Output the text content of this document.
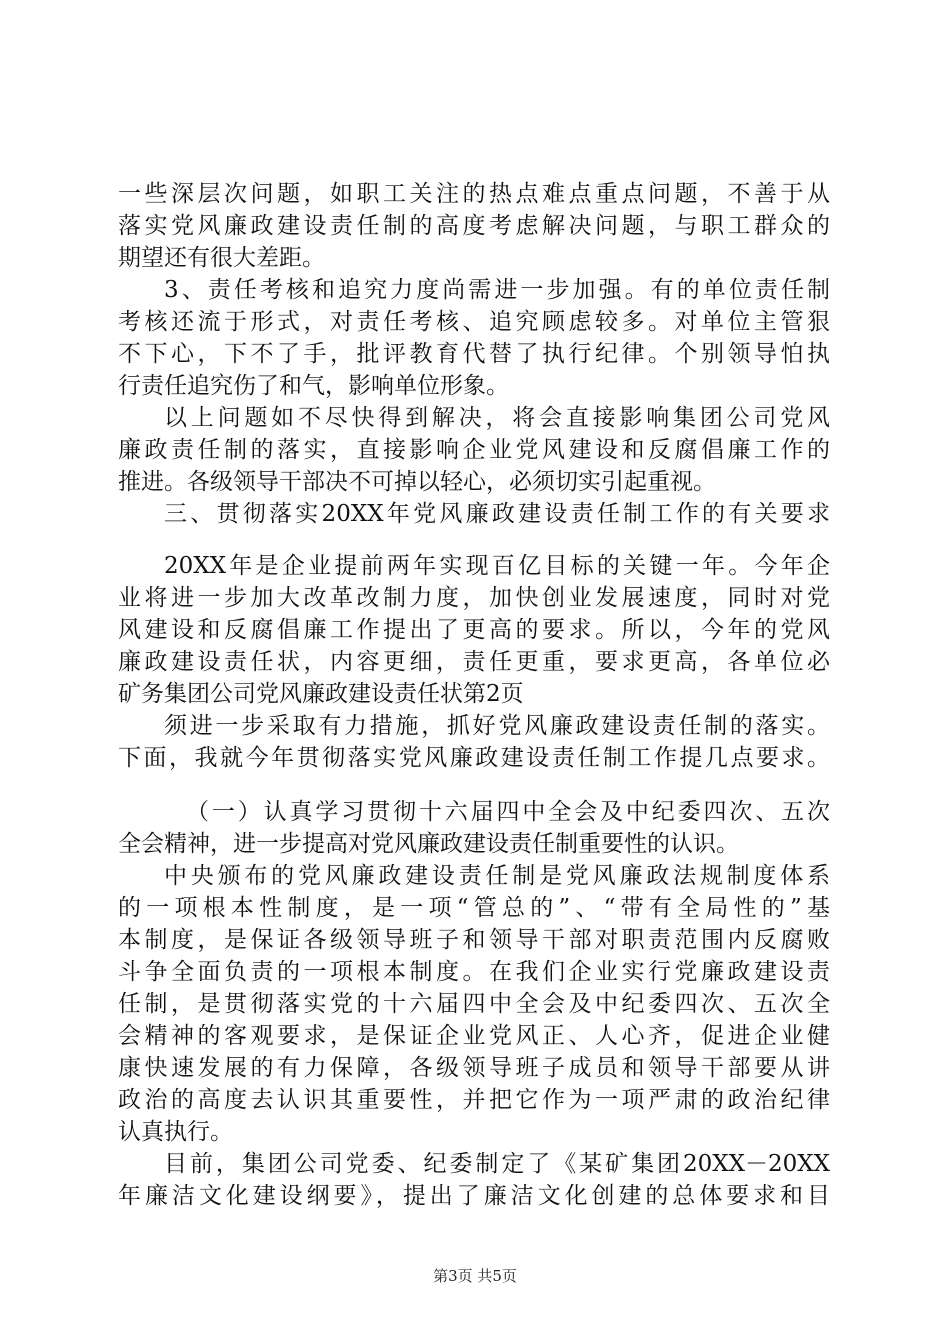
一些深层次问题，如职工关注的热点难点重点问题，不善于从
落实党风廉政建设责任制的高度考虑解决问题，与职工群众的
期望还有很大差距。
3、责任考核和追究力度尚需进一步加强。有的单位责任制
考核还流于形式，对责任考核、追究顾虑较多。对单位主管狠
不下心，下不了手，批评教育代替了执行纪律。个别领导怕执
行责任追究伤了和气，影响单位形象。
以上问题如不尽快得到解决，将会直接影响集团公司党风
廉政责任制的落实，直接影响企业党风建设和反腐倡廉工作的
推进。各级领导干部决不可掉以轻心，必须切实引起重视。
三、贯彻落实20XX年党风廉政建设责任制工作的有关要求
20XX年是企业提前两年实现百亿目标的关键一年。今年企
业将进一步加大改革改制力度，加快创业发展速度，同时对党
风建设和反腐倡廉工作提出了更高的要求。所以，今年的党风
廉政建设责任状，内容更细，责任更重，要求更高，各单位必
矿务集团公司党风廉政建设责任状第2页
须进一步采取有力措施，抓好党风廉政建设责任制的落实。
下面，我就今年贯彻落实党风廉政建设责任制工作提几点要求。
（一）认真学习贯彻十六届四中全会及中纪委四次、五次
全会精神，进一步提高对党风廉政建设责任制重要性的认识。
中央颁布的党风廉政建设责任制是党风廉政法规制度体系
的一项根本性制度，是一项“管总的”、“带有全局性的”基
本制度，是保证各级领导班子和领导干部对职责范围内反腐败
斗争全面负责的一项根本制度。在我们企业实行党廉政建设责
任制，是贯彻落实党的十六届四中全会及中纪委四次、五次全
会精神的客观要求，是保证企业党风正、人心齐，促进企业健
康快速发展的有力保障，各级领导班子成员和领导干部要从讲
政治的高度去认识其重要性，并把它作为一项严肃的政治纪律
认真执行。
目前，集团公司党委、纪委制定了《某矿集团20XX－20XX
年廉洁文化建设纲要》，提出了廉洁文化创建的总体要求和目
第3页 共5页
